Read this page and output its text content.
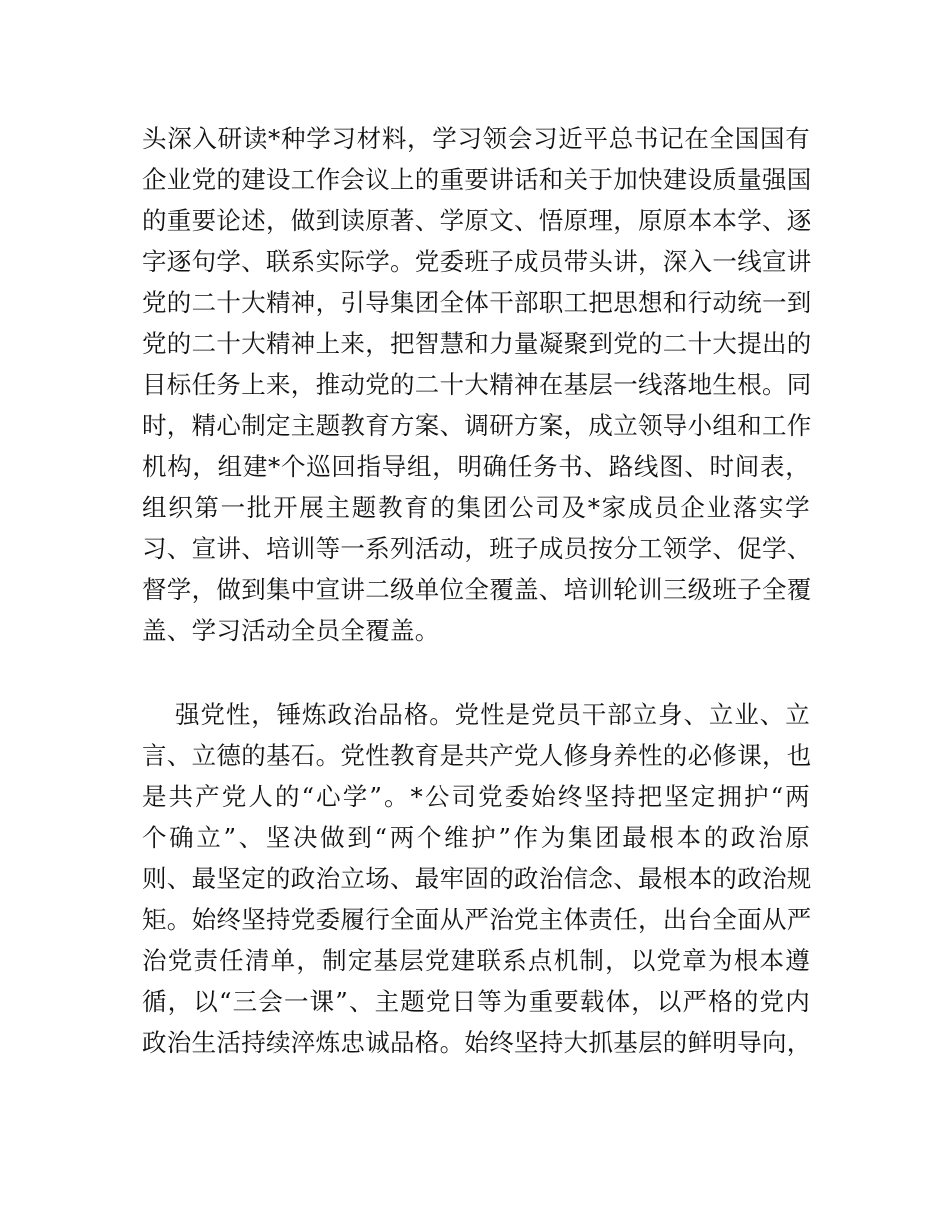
头深入研读*种学习材料，学习领会习近平总书记在全国国有
企业党的建设工作会议上的重要讲话和关于加快建设质量强国
的重要论述，做到读原著、学原文、悟原理，原原本本学、逐
字逐句学、联系实际学。党委班子成员带头讲，深入一线宣讲
党的二十大精神，引导集团全体干部职工把思想和行动统一到
党的二十大精神上来，把智慧和力量凝聚到党的二十大提出的
目标任务上来，推动党的二十大精神在基层一线落地生根。同
时，精心制定主题教育方案、调研方案，成立领导小组和工作
机构，组建*个巡回指导组，明确任务书、路线图、时间表，
组织第一批开展主题教育的集团公司及*家成员企业落实学
习、宣讲、培训等一系列活动，班子成员按分工领学、促学、
督学，做到集中宣讲二级单位全覆盖、培训轮训三级班子全覆
盖、学习活动全员全覆盖。
强党性，锤炼政治品格。党性是党员干部立身、立业、立
言、立德的基石。党性教育是共产党人修身养性的必修课，也
是共产党人的“心学”。*公司党委始终坚持把坚定拥护“两
个确立”、坚决做到“两个维护”作为集团最根本的政治原
则、最坚定的政治立场、最牢固的政治信念、最根本的政治规
矩。始终坚持党委履行全面从严治党主体责任，出台全面从严
治党责任清单，制定基层党建联系点机制，以党章为根本遵
循，以“三会一课”、主题党日等为重要载体，以严格的党内
政治生活持续淬炼忠诚品格。始终坚持大抓基层的鲜明导向，
